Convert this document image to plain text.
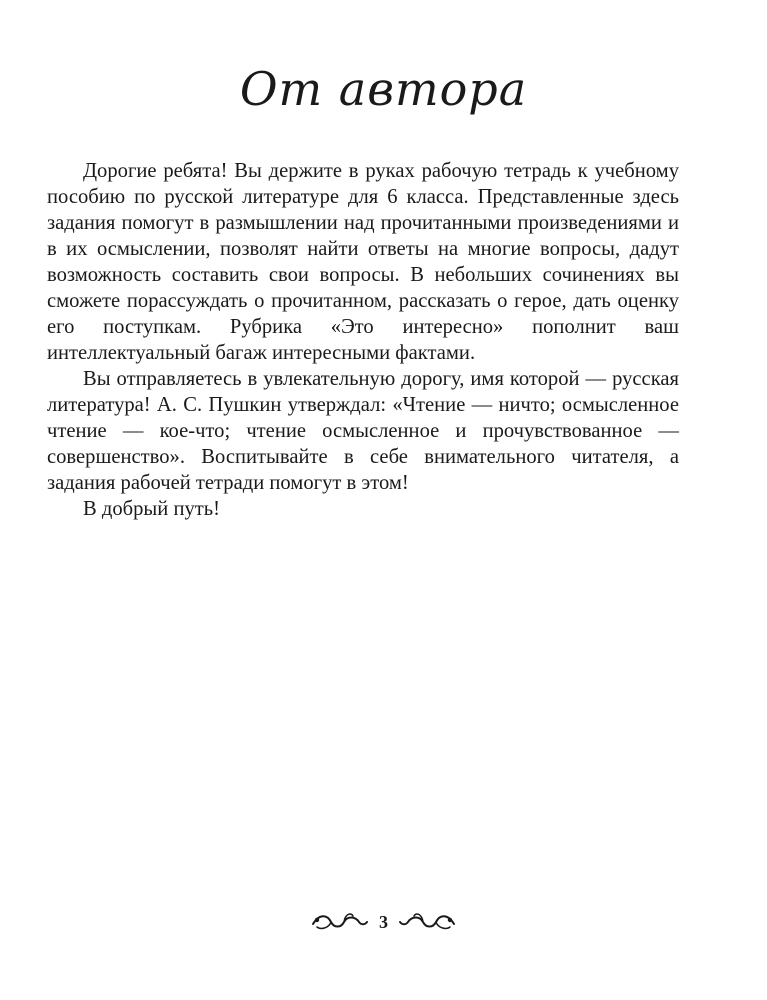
От автора

Дорогие ребята! Вы держите в руках рабочую тетрадь к учебному пособию по русской литературе для 6 класса. Представленные здесь задания помогут в размышлении над прочитанными произведениями и в их осмыслении, позволят найти ответы на многие вопросы, дадут возможность составить свои вопросы. В небольших сочинениях вы сможете порассуждать о прочитанном, рассказать о герое, дать оценку его поступкам. Рубрика «Это интересно» пополнит ваш интеллектуальный багаж интересными фактами.

Вы отправляетесь в увлекательную дорогу, имя которой — русская литература! А. С. Пушкин утверждал: «Чтение — ничто; осмысленное чтение — кое-что; чтение осмысленное и прочувствованное — совершенство». Воспитывайте в себе внимательного читателя, а задания рабочей тетради помогут в этом!

В добрый путь!

3
